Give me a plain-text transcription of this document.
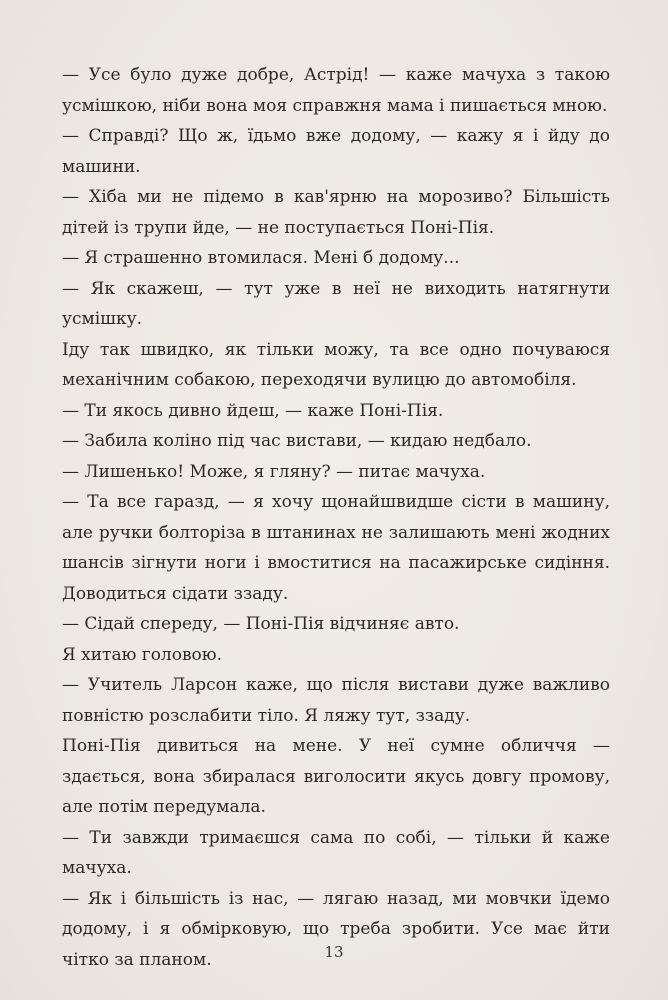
— Усе було дуже добре, Астрід! — каже мачуха з такою усмішкою, ніби вона моя справжня мама і пишається мною.

— Справді? Що ж, їдьмо вже додому, — кажу я і йду до машини.

— Хіба ми не підемо в кав'ярню на морозиво? Більшість дітей із трупи йде, — не поступається Поні-Пія.

— Я страшенно втомилася. Мені б додому...

— Як скажеш, — тут уже в неї не виходить натягнути усмішку.

Іду так швидко, як тільки можу, та все одно почуваюся механічним собакою, переходячи вулицю до автомобіля.

— Ти якось дивно йдеш, — каже Поні-Пія.

— Забила коліно під час вистави, — кидаю недбало.

— Лишенько! Може, я гляну? — питає мачуха.

— Та все гаразд, — я хочу щонайшвидше сісти в машину, але ручки болторіза в штанинах не залишають мені жодних шансів зігнути ноги і вмоститися на пасажирське сидіння. Доводиться сідати ззаду.

— Сідай спереду, — Поні-Пія відчиняє авто.

Я хитаю головою.

— Учитель Ларсон каже, що після вистави дуже важливо повністю розслабити тіло. Я ляжу тут, ззаду.

Поні-Пія дивиться на мене. У неї сумне обличчя — здається, вона збиралася виголосити якусь довгу промову, але потім передумала.

— Ти завжди тримаєшся сама по собі, — тільки й каже мачуха.

— Як і більшість із нас, — лягаю назад, ми мовчки їдемо додому, і я обмірковую, що треба зробити. Усе має йти чітко за планом.	13
